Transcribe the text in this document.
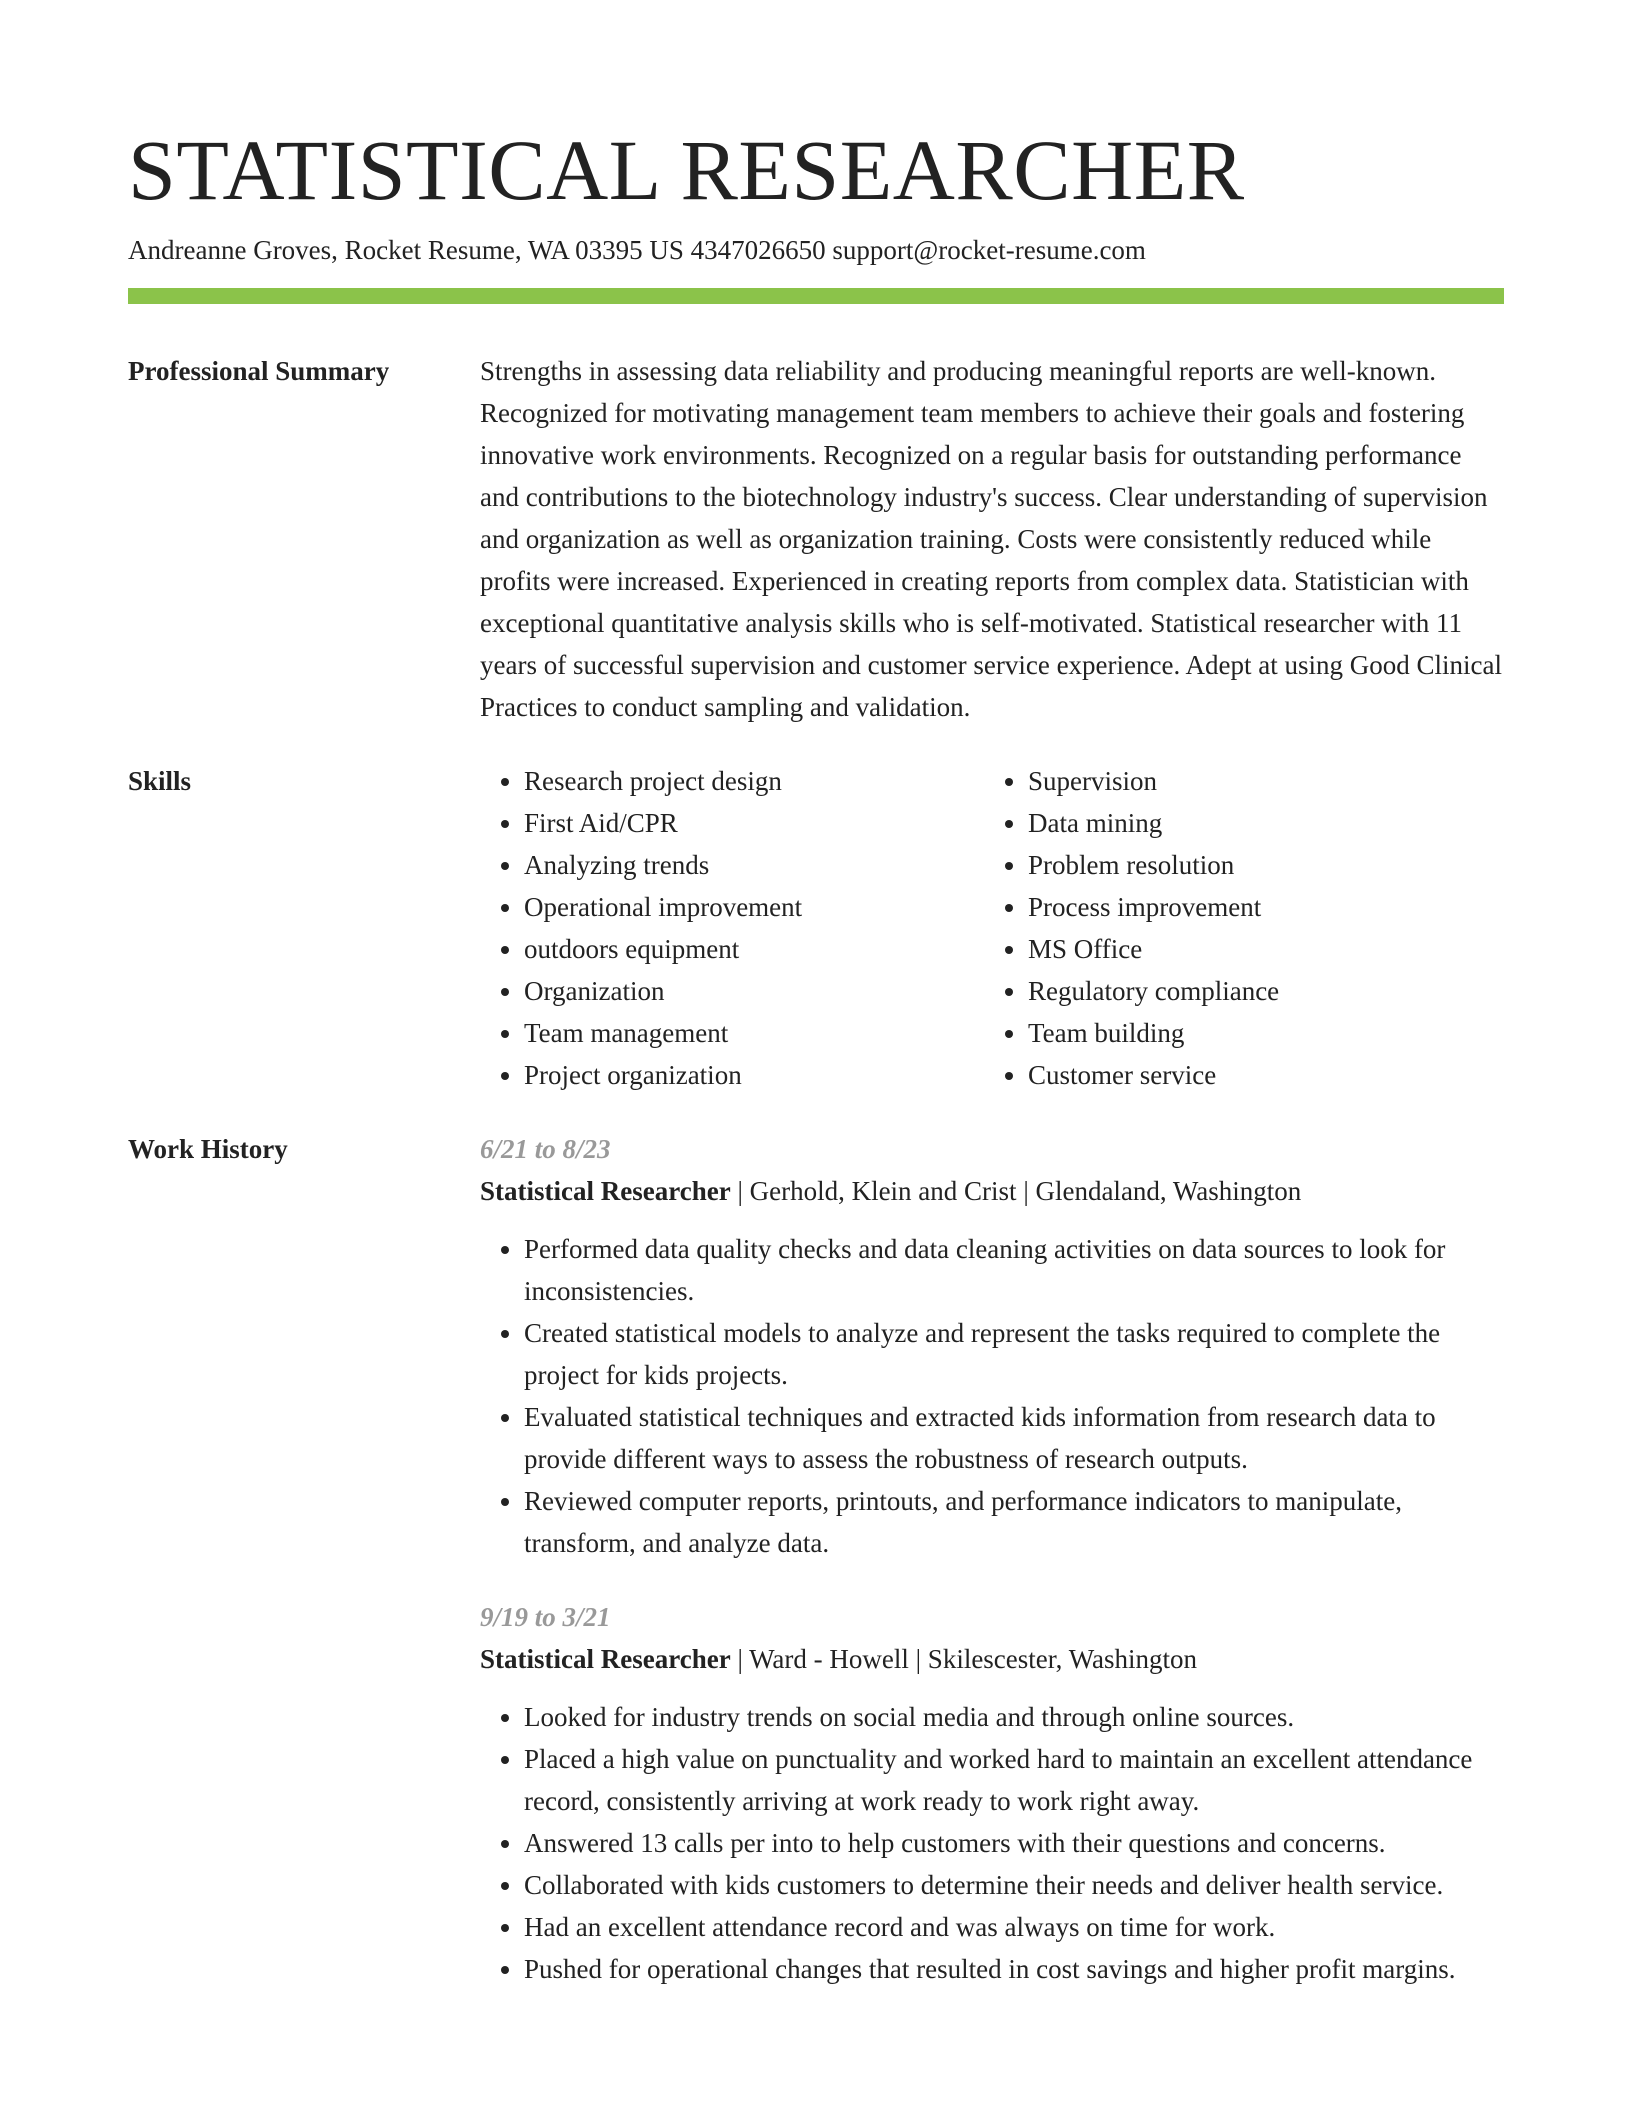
STATISTICAL RESEARCHER
Andreanne Groves, Rocket Resume, WA 03395 US 4347026650 support@rocket-resume.com
Professional Summary	Strengths in assessing data reliability and producing meaningful reports are well-known. Recognized for motivating management team members to achieve their goals and fostering innovative work environments. Recognized on a regular basis for outstanding performance and contributions to the biotechnology industry's success. Clear understanding of supervision and organization as well as organization training. Costs were consistently reduced while profits were increased. Experienced in creating reports from complex data. Statistician with exceptional quantitative analysis skills who is self-motivated. Statistical researcher with 11 years of successful supervision and customer service experience. Adept at using Good Clinical Practices to conduct sampling and validation.
Skills
•	Research project design
• First Aid/CPR
• Analyzing trends
• Operational improvement
• outdoors equipment
• Organization
• Team management
• Project organization
• Supervision
• Data mining
• Problem resolution
• Process improvement
• MS Office
• Regulatory compliance
• Team building
• Customer service
Work History	6/21 to 8/23
Statistical Researcher | Gerhold, Klein and Crist | Glendaland, Washington
• Performed data quality checks and data cleaning activities on data sources to look for inconsistencies.
• Created statistical models to analyze and represent the tasks required to complete the project for kids projects.
• Evaluated statistical techniques and extracted kids information from research data to provide different ways to assess the robustness of research outputs.
• Reviewed computer reports, printouts, and performance indicators to manipulate, transform, and analyze data.
9/19 to 3/21
Statistical Researcher | Ward - Howell | Skilescester, Washington
• Looked for industry trends on social media and through online sources.
• Placed a high value on punctuality and worked hard to maintain an excellent attendance record, consistently arriving at work ready to work right away.
• Answered 13 calls per into to help customers with their questions and concerns.
• Collaborated with kids customers to determine their needs and deliver health service.
• Had an excellent attendance record and was always on time for work.
• Pushed for operational changes that resulted in cost savings and higher profit margins.
